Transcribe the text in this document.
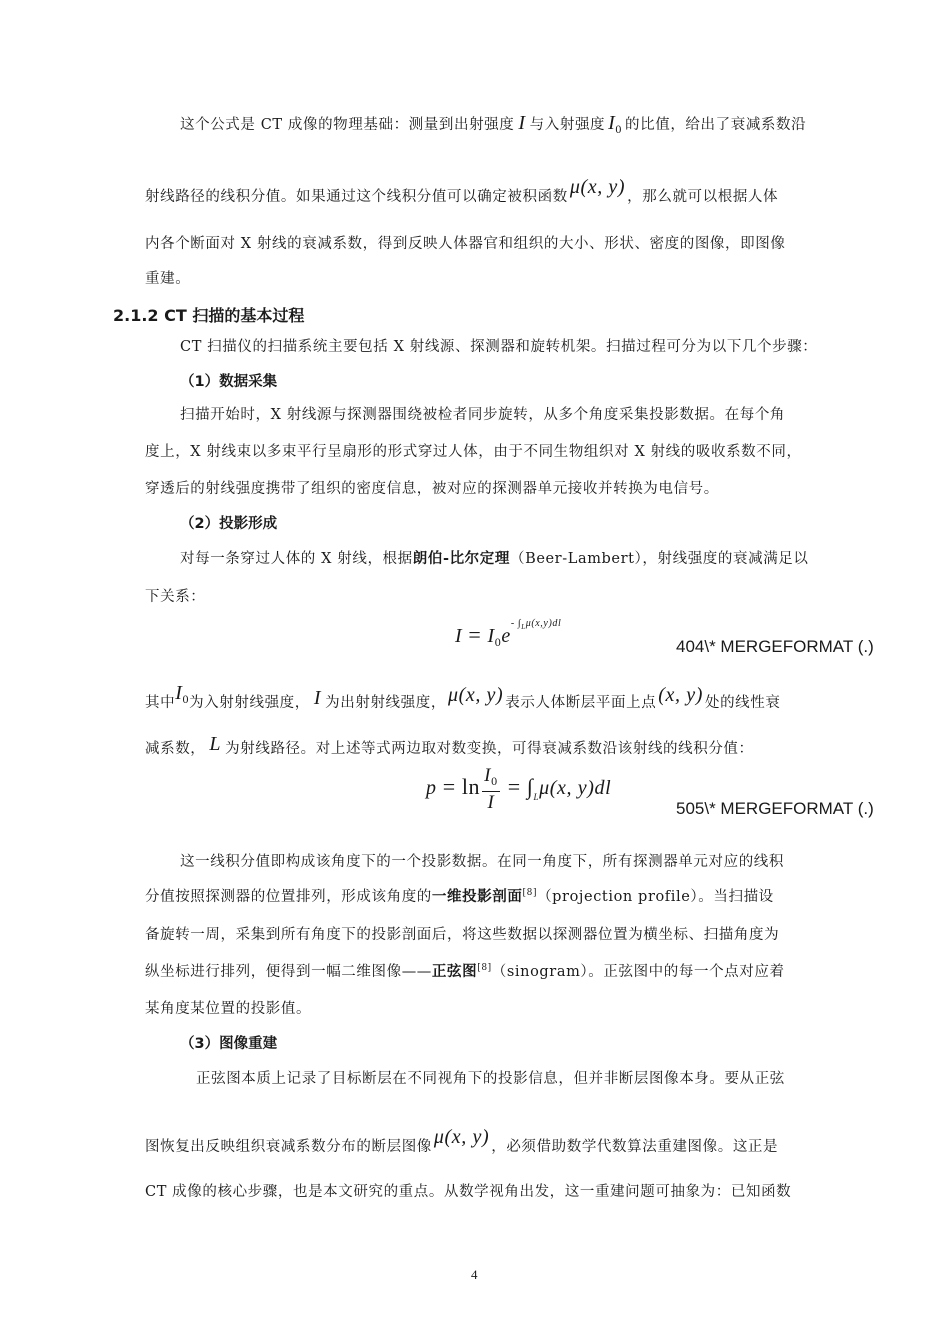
这个公式是 CT 成像的物理基础：测量到出射强度 I 与入射强度 $I_0$ 的比值，给出了衰减系数沿
射线路径的线积分值。如果通过这个线积分值可以确定被积函数 μ(x, y) ，那么就可以根据人体
内各个断面对 X 射线的衰减系数，得到反映人体器官和组织的大小、形状、密度的图像，即图像
重建。
2.1.2 CT 扫描的基本过程
CT 扫描仪的扫描系统主要包括 X 射线源、探测器和旋转机架。扫描过程可分为以下几个步骤：
（1）数据采集
扫描开始时，X 射线源与探测器围绕被检者同步旋转，从多个角度采集投影数据。在每个角
度上，X 射线束以多束平行呈扇形的形式穿过人体，由于不同生物组织对 X 射线的吸收系数不同，
穿透后的射线强度携带了组织的密度信息，被对应的探测器单元接收并转换为电信号。
（2）投影形成
对每一条穿过人体的 X 射线，根据朗伯-比尔定理（Beer-Lambert），射线强度的衰减满足以
下关系：
$I = I_0e^{- \int_L\mu(x,y)dl}$
404\* MERGEFORMAT (.)
其中$I_0$为入射射线强度， I 为出射射线强度， μ(x, y) 表示人体断层平面上点 (x, y) 处的线性衰
减系数， L 为射线路径。对上述等式两边取对数变换，可得衰减系数沿该射线的线积分值：
$p = \ln \frac{I_0}{I} = \int_L\mu(x$, y)dl
505\* MERGEFORMAT (.)
这一线积分值即构成该角度下的一个投影数据。在同一角度下，所有探测器单元对应的线积
分值按照探测器的位置排列，形成该角度的一维投影剖面[8]（projection profile）。当扫描设
备旋转一周，采集到所有角度下的投影剖面后，将这些数据以探测器位置为横坐标、扫描角度为
纵坐标进行排列，便得到一幅二维图像——正弦图[8]（sinogram）。正弦图中的每一个点对应着
某角度某位置的投影值。
（3）图像重建
正弦图本质上记录了目标断层在不同视角下的投影信息，但并非断层图像本身。要从正弦
图恢复出反映组织衰减系数分布的断层图像 μ(x, y) ，必须借助数学代数算法重建图像。这正是
CT 成像的核心步骤，也是本文研究的重点。从数学视角出发，这一重建问题可抽象为：已知函数
4
